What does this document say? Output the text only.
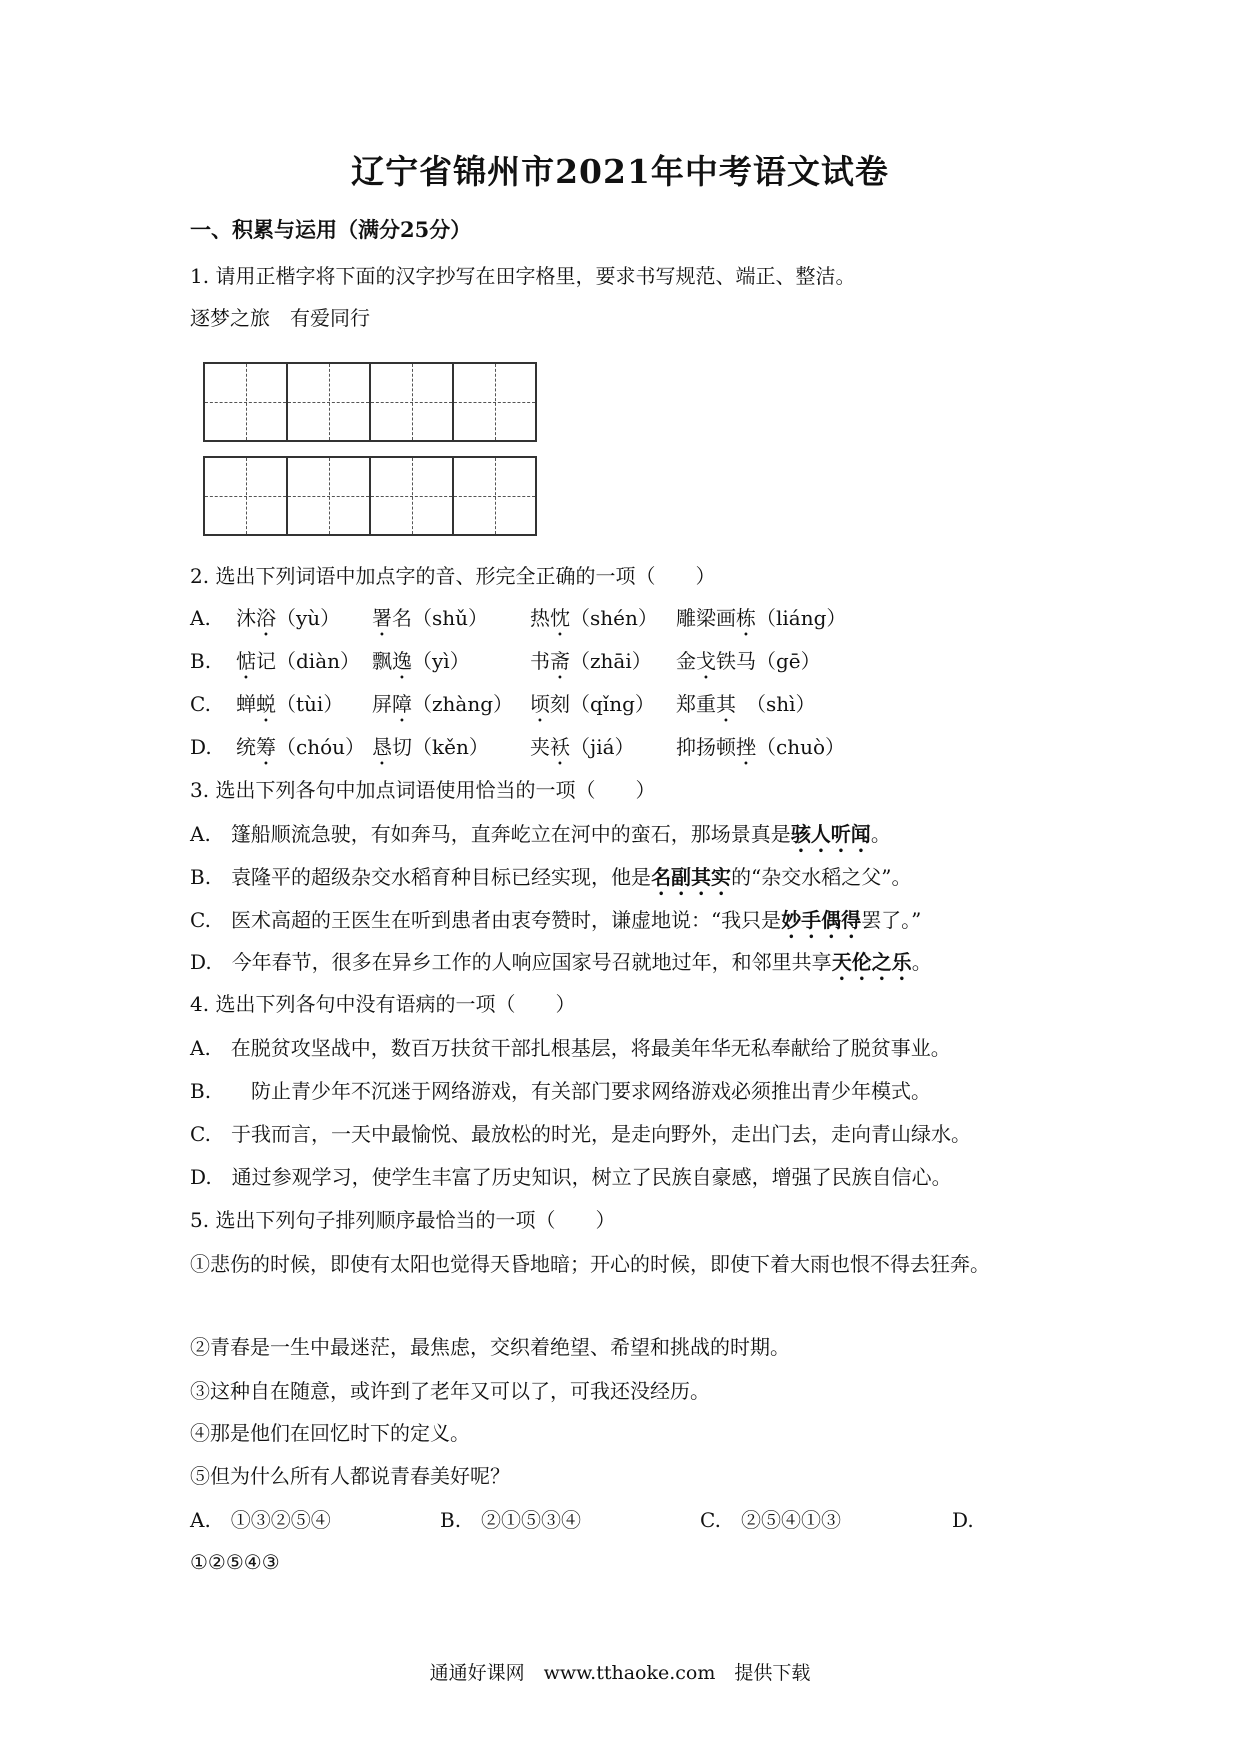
辽宁省锦州市2021年中考语文试卷
一、积累与运用（满分25分）
1. 请用正楷字将下面的汉字抄写在田字格里，要求书写规范、端正、整洁。
逐梦之旅　有爱同行
2. 选出下列词语中加点字的音、形完全正确的一项（　　）
A. 沐浴（yù） 署名（shǔ） 热忱（shén） 雕梁画栋（liáng）
B. 惦记（diàn） 飘逸（yì）	书斋（zhāi） 金戈铁马（gē）
C. 蝉蜕（tùi） 屏障（zhàng） 顷刻（qǐng） 郑重其　（shì）
D. 统筹（chóu） 恳切（kěn） 夹袄（jiá） 抑扬顿挫（chuò）
3. 选出下列各句中加点词语使用恰当的一项（　　）
A.　篷船顺流急驶，有如奔马，直奔屹立在河中的蛮石，那场景真是骇人听闻。
B.　袁隆平的超级杂交水稻育种目标已经实现，他是名副其实的“杂交水稻之父”。
C.　医术高超的王医生在听到患者由衷夸赞时，谦虚地说：“我只是妙手偶得罢了。”
D.　今年春节，很多在异乡工作的人响应国家号召就地过年，和邻里共享天伦之乐。
4. 选出下列各句中没有语病的一项（　　）
A.　在脱贫攻坚战中，数百万扶贫干部扎根基层，将最美年华无私奉献给了脱贫事业。
B.　　防止青少年不沉迷于网络游戏，有关部门要求网络游戏必须推出青少年模式。
C.　于我而言，一天中最愉悦、最放松的时光，是走向野外，走出门去，走向青山绿水。
D.　通过参观学习，使学生丰富了历史知识，树立了民族自豪感，增强了民族自信心。
5. 选出下列句子排列顺序最恰当的一项（　　）
①悲伤的时候，即使有太阳也觉得天昏地暗；开心的时候，即使下着大雨也恨不得去狂奔。
②青春是一生中最迷茫，最焦虑，交织着绝望、希望和挑战的时期。
③这种自在随意，或许到了老年又可以了，可我还没经历。
④那是他们在回忆时下的定义。
⑤但为什么所有人都说青春美好呢？
A.　①③②⑤④	B.　②①⑤③④	C.　②⑤④①③	D.
①②⑤④③
通通好课网　www.tthaoke.com　提供下载
